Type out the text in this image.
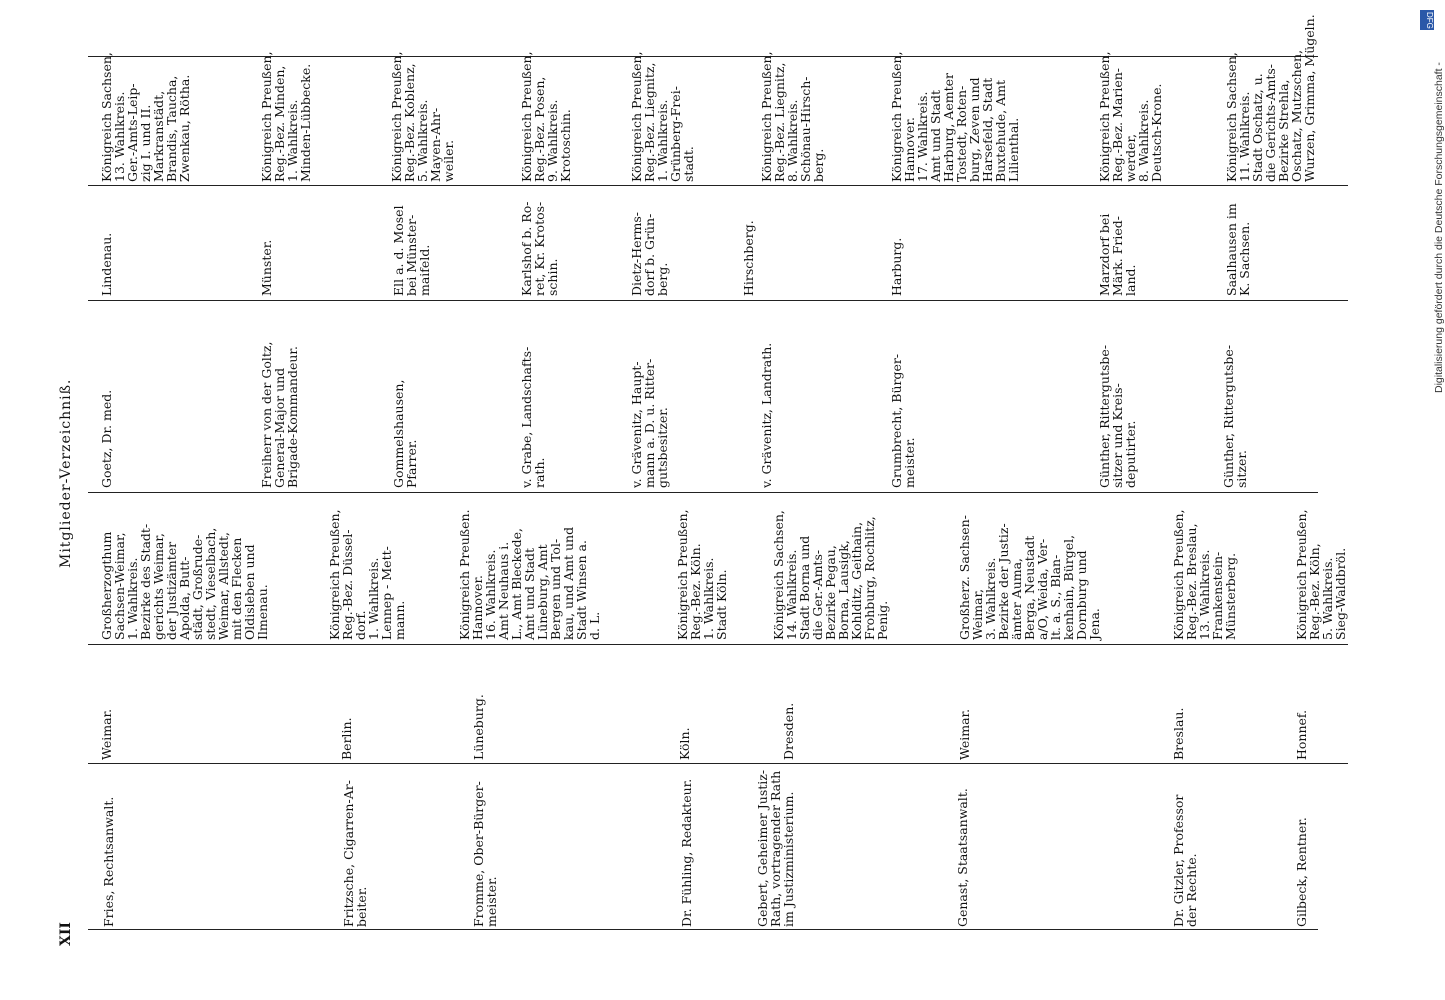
XII
Mitglieder-Verzeichniß.
Fries, Rechtsanwalt.
Weimar.
Großherzogthum
Sachsen-Weimar,
1. Wahlkreis.
Bezirke des Stadt-
gerichts Weimar,
der Justizämter
Apolda, Butt-
städt, Großrude-
stedt, Vieselbach,
Weimar, Allstedt,
mit den Flecken
Oldisleben und
Ilmenau.
Fritzsche, Cigarren-Ar-
beiter.
Berlin.
Königreich Preußen,
Reg.-Bez. Düssel-
dorf.
1. Wahlkreis.
Lennep - Mett-
mann.
Fromme, Ober-Bürger-
meister.
Lüneburg.
Königreich Preußen.
Hannover.
16. Wahlkreis.
Amt Neuhaus i.
L., Amt Bleckede,
Amt und Stadt
Lüneburg, Amt
Bergen und Tol-
kau, und Amt und
Stadt Winsen a.
d. L.
Dr. Fühling, Redakteur.
Köln.
Königreich Preußen,
Reg.-Bez. Köln.
1. Wahlkreis.
Stadt Köln.
Gebert, Geheimer Justiz-
Rath, vortragender Rath
im Justizministerium.
Dresden.
Königreich Sachsen,
14. Wahlkreis.
Stadt Borna und
die Ger.-Amts-
Bezirke Pegau,
Borna, Lausigk,
Kohlditz, Geithain,
Frohburg, Rochlitz,
Penig.
Genast, Staatsanwalt.
Weimar.
Großherz. Sachsen-
Weimar,
3. Wahlkreis.
Bezirke der Justiz-
ämter Auma,
Berga, Neustadt
a/O, Weida, Ver-
lt. a. S., Blan-
kenhain, Bürgel,
Dornburg und
Jena.
Dr. Gitzler, Professor
der Rechte.
Breslau.
Königreich Preußen,
Reg.-Bez. Breslau,
13. Wahlkreis.
Frankenstein-
Münsterberg.
Gilbeck, Rentner.
Honnef.
Königreich Preußen,
Reg.-Bez. Köln,
5. Wahlkreis.
Sieg-Waldbröl.
Goetz, Dr. med.
Lindenau.
Königreich Sachsen,
13. Wahlkreis.
Ger.-Amts-Leip-
zig I. und II.
Markranstädt,
Brandis, Taucha,
Zwenkau, Rötha.
Freiherr von der Goltz,
General-Major und
Brigade-Kommandeur.
Münster.
Königreich Preußen,
Reg.-Bez. Minden,
1. Wahlkreis.
Minden-Lübbecke.
Gommelshausen,
Pfarrer.
Ell a. d. Mosel
bei Münster-
maifeld.
Königreich Preußen,
Reg.-Bez. Koblenz,
5. Wahlkreis.
Mayen-Ahr-
weiler.
v. Grabe, Landschafts-
rath.
Karlshof b. Ro-
ret, Kr. Krotos-
schin.
Königreich Preußen,
Reg.-Bez. Posen,
9. Wahlkreis.
Krotoschin.
v. Grävenitz, Haupt-
mann a. D. u. Ritter-
gutsbesitzer.
Dietz-Herms-
dorf b. Grün-
berg.
Königreich Preußen,
Reg.-Bez. Liegnitz,
1. Wahlkreis.
Grünberg-Frei-
stadt.
v. Grävenitz, Landrath.
Hirschberg.
Königreich Preußen,
Reg.-Bez. Liegnitz,
8. Wahlkreis.
Schönau-Hirsch-
berg.
Grumbrecht, Bürger-
meister.
Harburg.
Königreich Preußen,
Hannover.
17. Wahlkreis.
Amt und Stadt
Harburg, Aemter
Tostedt, Roten-
burg, Zeven und
Harsefeld, Stadt
Buxtehude, Amt
Lilienthal.
Günther, Rittergutsbe-
sitzer und Kreis-
deputirter.
Marzdorf bei
Märk. Fried-
land.
Königreich Preußen,
Reg.-Bez. Marien-
werder,
8. Wahlkreis.
Deutsch-Krone.
Günther, Rittergutsbe-
sitzer.
Saalhausen im
K. Sachsen.
Königreich Sachsen,
11. Wahlkreis.
Stadt Oschatz, u.
die Gerichts-Amts-
Bezirke Strehla,
Oschatz, Mutzschen,
Wurzen, Grimma, Mügeln.	DFG
Digitalisierung gefördert durch die Deutsche Forschungsgemeinschaft -
